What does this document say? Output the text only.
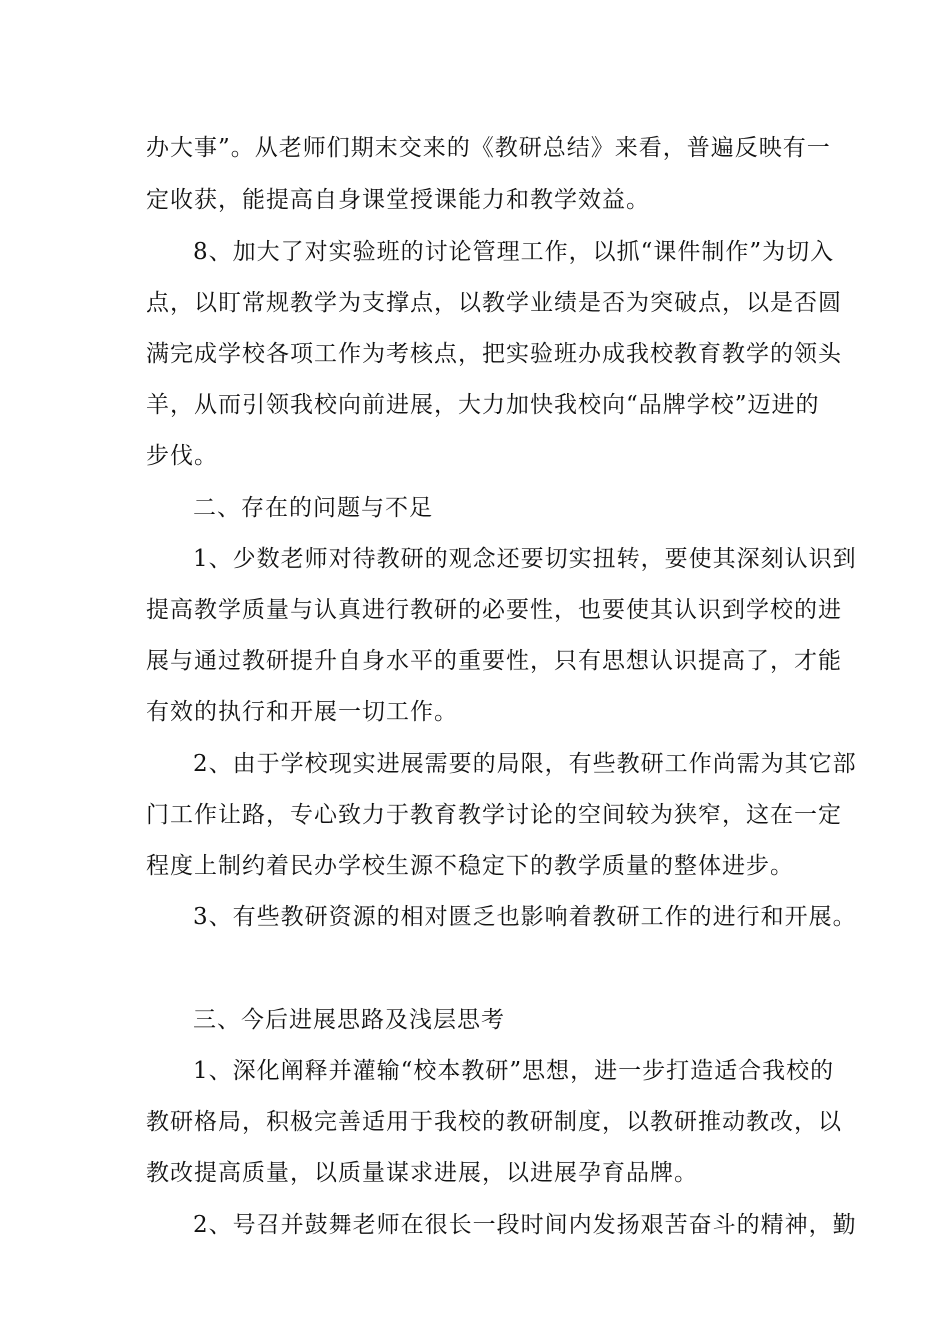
办大事”。从老师们期末交来的《教研总结》来看，普遍反映有一
定收获，能提高自身课堂授课能力和教学效益。
8、加大了对实验班的讨论管理工作，以抓“课件制作”为切入
点，以盯常规教学为支撑点，以教学业绩是否为突破点，以是否圆
满完成学校各项工作为考核点，把实验班办成我校教育教学的领头
羊，从而引领我校向前进展，大力加快我校向“品牌学校”迈进的
步伐。
二、存在的问题与不足
1、少数老师对待教研的观念还要切实扭转，要使其深刻认识到
提高教学质量与认真进行教研的必要性，也要使其认识到学校的进
展与通过教研提升自身水平的重要性，只有思想认识提高了，才能
有效的执行和开展一切工作。
2、由于学校现实进展需要的局限，有些教研工作尚需为其它部
门工作让路，专心致力于教育教学讨论的空间较为狭窄，这在一定
程度上制约着民办学校生源不稳定下的教学质量的整体进步。
3、有些教研资源的相对匮乏也影响着教研工作的进行和开展。
三、今后进展思路及浅层思考
1、深化阐释并灌输“校本教研”思想，进一步打造适合我校的
教研格局，积极完善适用于我校的教研制度，以教研推动教改，以
教改提高质量，以质量谋求进展，以进展孕育品牌。
2、号召并鼓舞老师在很长一段时间内发扬艰苦奋斗的精神，勤
